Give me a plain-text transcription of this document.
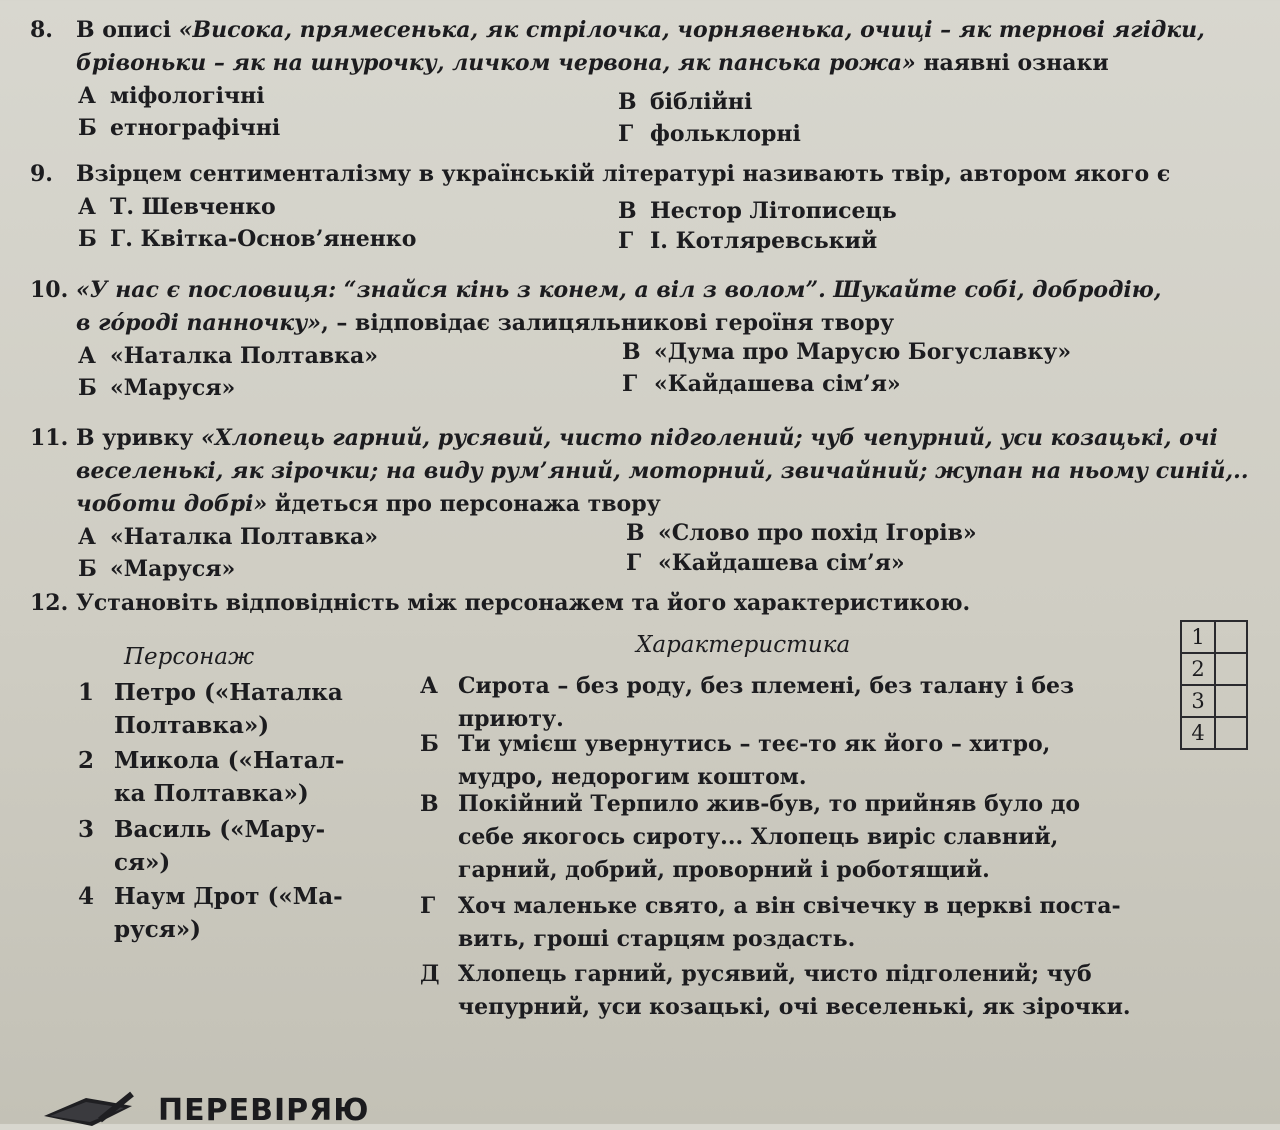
8. В описі «Висока, прямесенька, як стрілочка, чорнявенька, очиці – як тернові ягідки,
брівоньки – як на шнурочку, личком червона, як панська рожа» наявні ознаки
А міфологічні
Б етнографічні
В біблійні
Г фольклорні
9. Взірцем сентименталізму в українській літературі називають твір, автором якого є
А Т. Шевченко
Б Г. Квітка-Основ’яненко
В Нестор Літописець
Г І. Котляревський
10. «У нас є пословиця: “знайся кінь з конем, а віл з волом”. Шукайте собі, добродію,
в гóроді панночку», – відповідає залицяльникові героїня твору
А «Наталка Полтавка»
Б «Маруся»
В «Дума про Марусю Богуславку»
Г «Кайдашева сім’я»
11. В уривку «Хлопець гарний, русявий, чисто підголений; чуб чепурний, уси козацькі, очі
веселенькі, як зірочки; на виду рум’яний, моторний, звичайний; жупан на ньому синій,..
чоботи добрі» йдеться про персонажа твору
А «Наталка Полтавка»
Б «Маруся»
В «Слово про похід Ігорів»
Г «Кайдашева сім’я»
12. Установіть відповідність між персонажем та його характеристикою.
Персонаж	Характеристика
1 Петро («Наталка
Полтавка»)
2 Микола («Натал-
ка Полтавка»)
3 Василь («Мару-
ся»)
4 Наум Дрот («Ма-
руся»)
А Сирота – без роду, без племені, без талану і без
приюту.
Б Ти умієш увернутись – теє-то як його – хитро,
мудро, недорогим коштом.
В Покійний Терпило жив-був, то прийняв було до
себе якогось сироту... Хлопець виріс славний,
гарний, добрий, проворний і роботящий.
Г	Хоч маленьке свято, а він свічечку в церкві поста-
вить, гроші старцям роздасть.
Д Хлопець гарний, русявий, чисто підголений; чуб
чепурний, уси козацькі, очі веселенькі, як зірочки.
1	
2	
3	
4	
ПЕРЕВІРЯЮ
